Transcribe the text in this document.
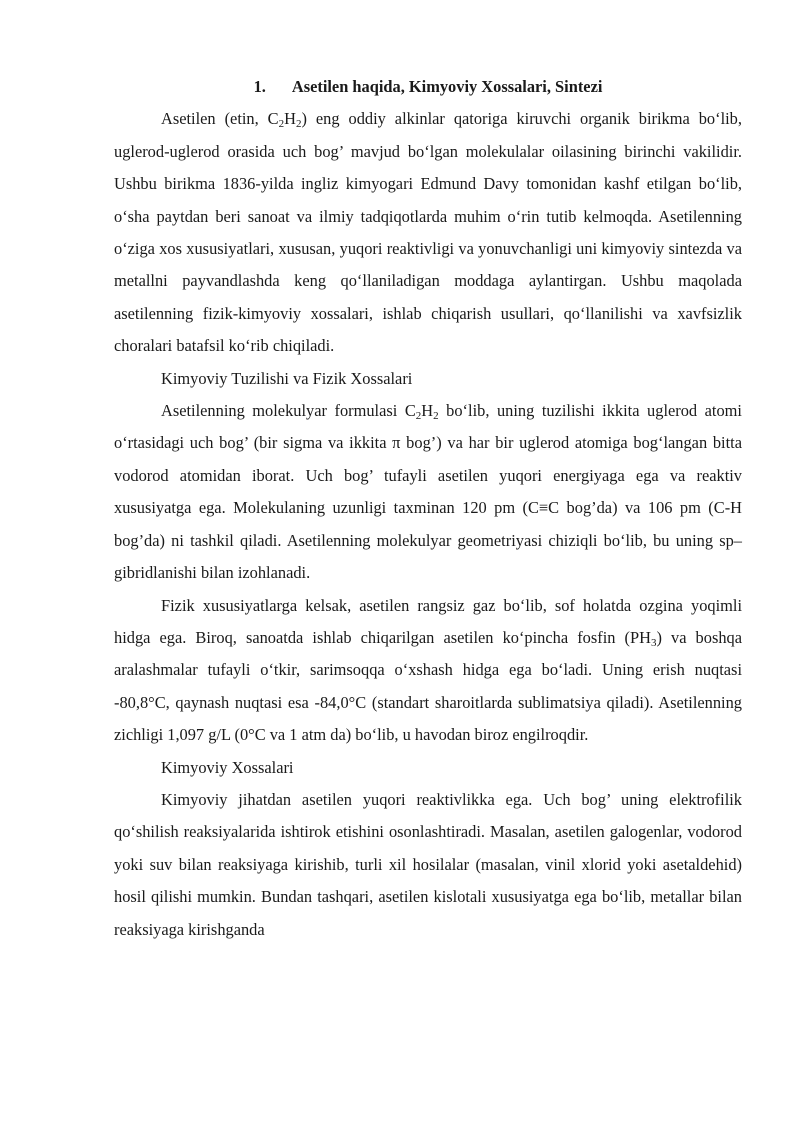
1. Asetilen haqida, Kimyoviy Xossalari, Sintezi

Asetilen (etin, $C_2H_2$) eng oddiy alkinlar qatoriga kiruvchi organik birikma bo‘lib, uglerod-uglerod orasida uch bog’ mavjud bo‘lgan molekulalar oilasining birinchi vakilidir. Ushbu birikma 1836-yilda ingliz kimyogari Edmund Davy tomonidan kashf etilgan bo‘lib, o‘sha paytdan beri sanoat va ilmiy tadqiqotlarda muhim o‘rin tutib kelmoqda. Asetilenning o‘ziga xos xususiyatlari, xususan, yuqori reaktivligi va yonuvchanligi uni kimyoviy sintezda va metallni payvandlashda keng qo‘llaniladigan moddaga aylantirgan. Ushbu maqolada asetilenning fizik-kimyoviy xossalari, ishlab chiqarish usullari, qo‘llanilishi va xavfsizlik choralari batafsil ko‘rib chiqiladi.

Kimyoviy Tuzilishi va Fizik Xossalari

Asetilenning molekulyar formulasi $C_2H_2$ bo‘lib, uning tuzilishi ikkita uglerod atomi o‘rtasidagi uch bog’ (bir sigma va ikkita π bog’) va har bir uglerod atomiga bog‘langan bitta vodorod atomidan iborat. Uch bog’ tufayli asetilen yuqori energiyaga ega va reaktiv xususiyatga ega. Molekulaning uzunligi taxminan 120 pm (C≡C bog’da) va 106 pm (C-H bog’da) ni tashkil qiladi. Asetilenning molekulyar geometriyasi chiziqli bo‘lib, bu uning sp–gibridlanishi bilan izohlanadi.

Fizik xususiyatlarga kelsak, asetilen rangsiz gaz bo‘lib, sof holatda ozgina yoqimli hidga ega. Biroq, sanoatda ishlab chiqarilgan asetilen ko‘pincha fosfin $(PH_3)$ va boshqa aralashmalar tufayli o‘tkir, sarimsoqqa o‘xshash hidga ega bo‘ladi. Uning erish nuqtasi -80,8°C, qaynash nuqtasi esa -84,0°C (standart sharoitlarda sublimatsiya qiladi). Asetilenning zichligi 1,097 g/L (0°C va 1 atm da) bo‘lib, u havodan biroz engilroqdir.

Kimyoviy Xossalari

Kimyoviy jihatdan asetilen yuqori reaktivlikka ega. Uch bog’ uning elektrofilik qo‘shilish reaksiyalarida ishtirok etishini osonlashtiradi. Masalan, asetilen galogenlar, vodorod yoki suv bilan reaksiyaga kirishib, turli xil hosilalar (masalan, vinil xlorid yoki asetaldehid) hosil qilishi mumkin. Bundan tashqari, asetilen kislotali xususiyatga ega bo‘lib, metallar bilan reaksiyaga kirishganda
